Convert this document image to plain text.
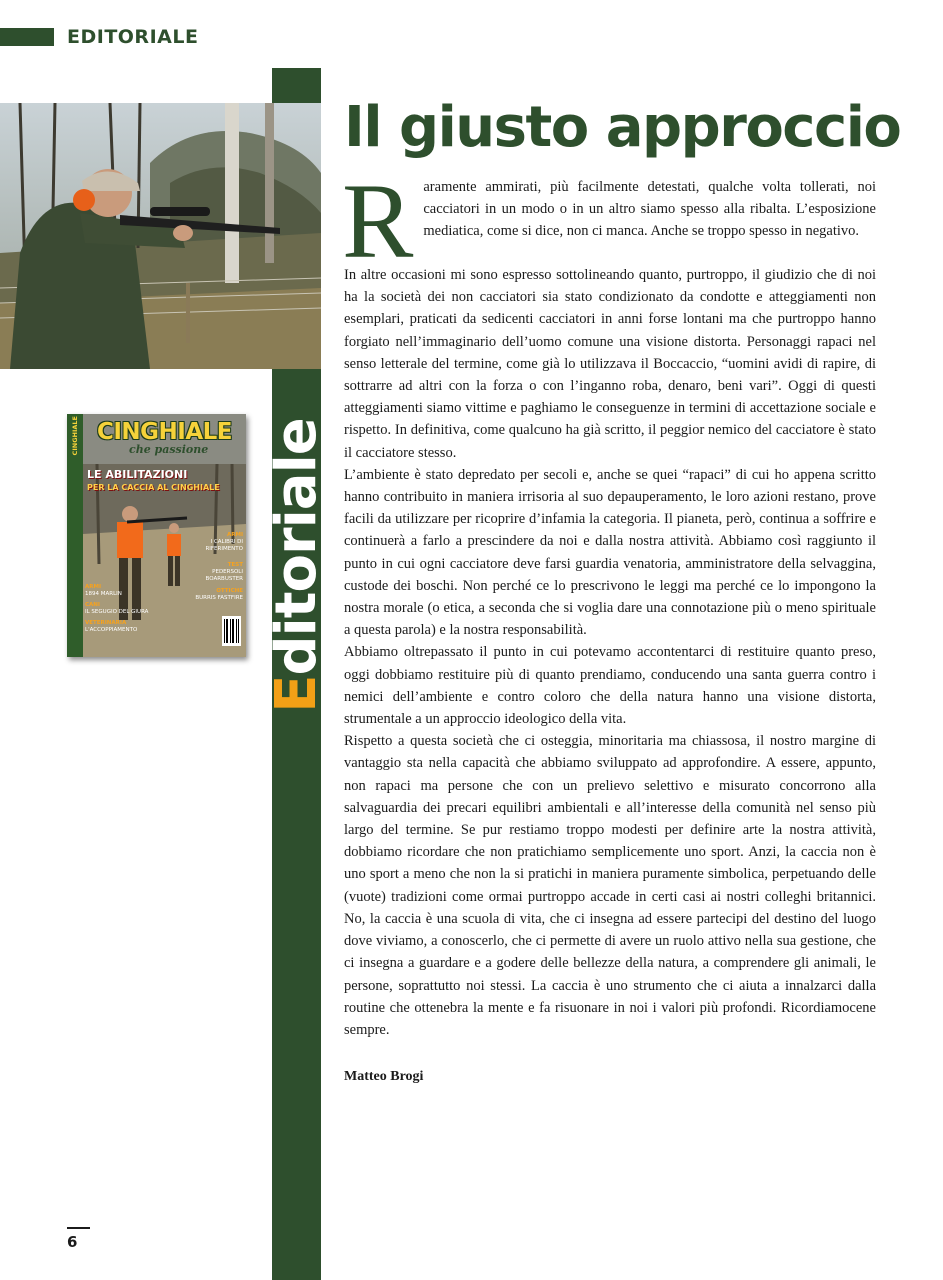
EDITORIALE
Editoriale
CINGHIALE CINGHIALE

che passione

LE ABILITAZIONI
PER LA CACCIA AL CINGHIALE

ARMI
I CALIBRI DI RIFERIMENTO

TEST
PEDERSOLI BOARBUSTER

OTTICHE
BURRIS FASTFIRE

ARMI
1894 MARLIN

CANI
IL SEGUGIO DEL GIURA

VETERINARIA
L'ACCOPPIAMENTO

Il giusto approccio

Raramente ammirati, più facilmente detestati, qualche volta tollerati, noi cacciatori in un modo o in un altro siamo spesso alla ribalta. L’esposizione mediatica, come si dice, non ci manca. Anche se troppo spesso in negativo.

In altre occasioni mi sono espresso sottolineando quanto, purtroppo, il giudizio che di noi ha la società dei non cacciatori sia stato condizionato da condotte e atteggiamenti non esemplari, praticati da sedicenti cacciatori in anni forse lontani ma che purtroppo hanno forgiato nell’immaginario dell’uomo comune una visione distorta. Personaggi rapaci nel senso letterale del termine, come già lo utilizzava il Boccaccio, “uomini avidi di rapire, di sottrarre ad altri con la forza o con l’inganno roba, denaro, beni vari”. Oggi di questi atteggiamenti siamo vittime e paghiamo le conseguenze in termini di accettazione sociale e rispetto. In definitiva, come qualcuno ha già scritto, il peggior nemico del cacciatore è stato il cacciatore stesso.

L’ambiente è stato depredato per secoli e, anche se quei “rapaci” di cui ho appena scritto hanno contribuito in maniera irrisoria al suo depauperamento, le loro azioni restano, prove facili da utilizzare per ricoprire d’infamia la categoria. Il pianeta, però, continua a soffrire e continuerà a farlo a prescindere da noi e dalla nostra attività. Abbiamo così raggiunto il punto in cui ogni cacciatore deve farsi guardia venatoria, amministratore della selvaggina, custode dei boschi. Non perché ce lo prescrivono le leggi ma perché ce lo impongono la nostra morale (o etica, a seconda che si voglia dare una connotazione più o meno spirituale a questa parola) e la nostra responsabilità.

Abbiamo oltrepassato il punto in cui potevamo accontentarci di restituire quanto preso, oggi dobbiamo restituire più di quanto prendiamo, conducendo una santa guerra contro i nemici dell’ambiente e contro coloro che della natura hanno una visione distorta, strumentale a un approccio ideologico della vita.

Rispetto a questa società che ci osteggia, minoritaria ma chiassosa, il nostro margine di vantaggio sta nella capacità che abbiamo sviluppato ad approfondire. A essere, appunto, non rapaci ma persone che con un prelievo selettivo e misurato concorrono alla salvaguardia dei precari equilibri ambientali e all’interesse della comunità nel senso più largo del termine. Se pur restiamo troppo modesti per definire arte la nostra attività, dobbiamo ricordare che non pratichiamo semplicemente uno sport. Anzi, la caccia non è uno sport a meno che non la si pratichi in maniera puramente simbolica, perpetuando delle (vuote) tradizioni come ormai purtroppo accade in certi casi ai nostri colleghi britannici. No, la caccia è una scuola di vita, che ci insegna ad essere partecipi del destino del luogo dove viviamo, a conoscerlo, che ci permette di avere un ruolo attivo nella sua gestione, che ci insegna a guardare e a godere delle bellezze della natura, a comprendere gli animali, le persone, soprattutto noi stessi. La caccia è uno strumento che ci aiuta a innalzarci dalla routine che ottenebra la mente e fa risuonare in noi i valori più profondi. Ricordiamocene sempre.

Matteo Brogi

6
